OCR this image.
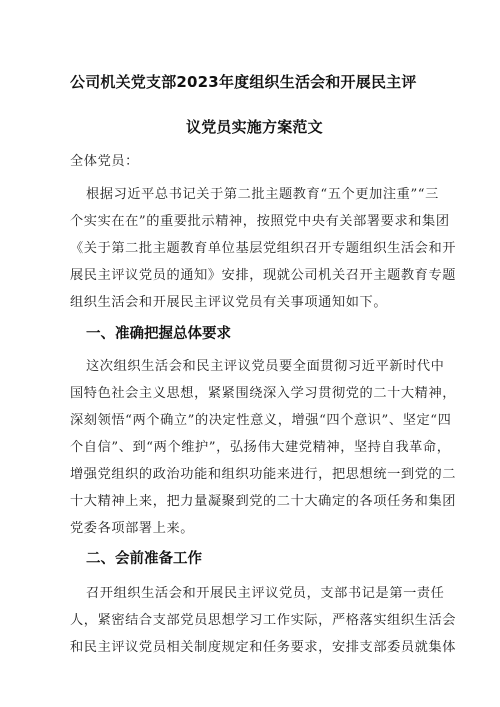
公司机关党支部2023年度组织生活会和开展民主评
议党员实施方案范文
全体党员：
根据习近平总书记关于第二批主题教育“五个更加注重”“三
个实实在在”的重要批示精神，按照党中央有关部署要求和集团
《关于第二批主题教育单位基层党组织召开专题组织生活会和开
展民主评议党员的通知》安排，现就公司机关召开主题教育专题
组织生活会和开展民主评议党员有关事项通知如下。
一、准确把握总体要求
这次组织生活会和民主评议党员要全面贯彻习近平新时代中
国特色社会主义思想，紧紧围绕深入学习贯彻党的二十大精神，
深刻领悟“两个确立”的决定性意义，增强“四个意识”、坚定“四
个自信”、到“两个维护”，弘扬伟大建党精神，坚持自我革命，
增强党组织的政治功能和组织功能来进行，把思想统一到党的二
十大精神上来，把力量凝聚到党的二十大确定的各项任务和集团
党委各项部署上来。
二、会前准备工作
召开组织生活会和开展民主评议党员，支部书记是第一责任
人，紧密结合支部党员思想学习工作实际，严格落实组织生活会
和民主评议党员相关制度规定和任务要求，安排支部委员就集体
